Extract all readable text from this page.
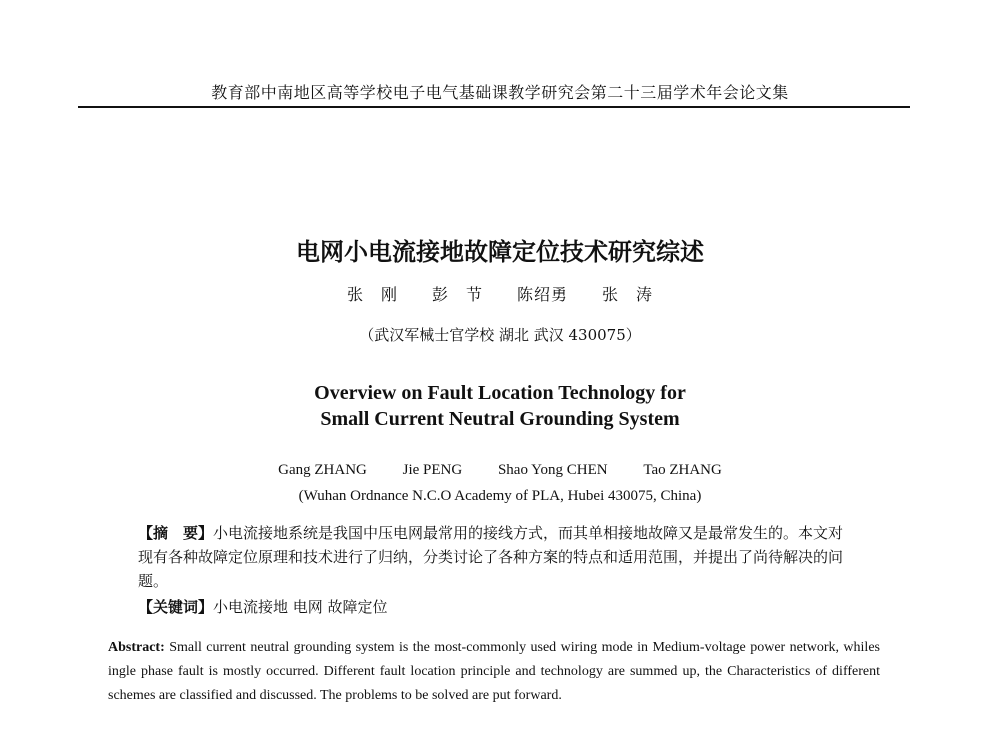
教育部中南地区高等学校电子电气基础课教学研究会第二十三届学术年会论文集
电网小电流接地故障定位技术研究综述
张　刚　　彭　节　　陈绍勇　　张　涛
（武汉军械士官学校 湖北 武汉 430075）
Overview on Fault Location Technology for
Small Current Neutral Grounding System
Gang ZHANG Jie PENG Shao Yong CHEN Tao ZHANG
(Wuhan Ordnance N.C.O Academy of PLA, Hubei 430075, China)
【摘　要】小电流接地系统是我国中压电网最常用的接线方式，而其单相接地故障又是最常发生的。本文对现有各种故障定位原理和技术进行了归纳，分类讨论了各种方案的特点和适用范围，并提出了尚待解决的问题。
【关键词】小电流接地 电网 故障定位
Abstract: Small current neutral grounding system is the most-commonly used wiring mode in Medium-voltage power network, whiles ingle phase fault is mostly occurred. Different fault location principle and technology are summed up, the Characteristics of different schemes are classified and discussed. The problems to be solved are put forward.
